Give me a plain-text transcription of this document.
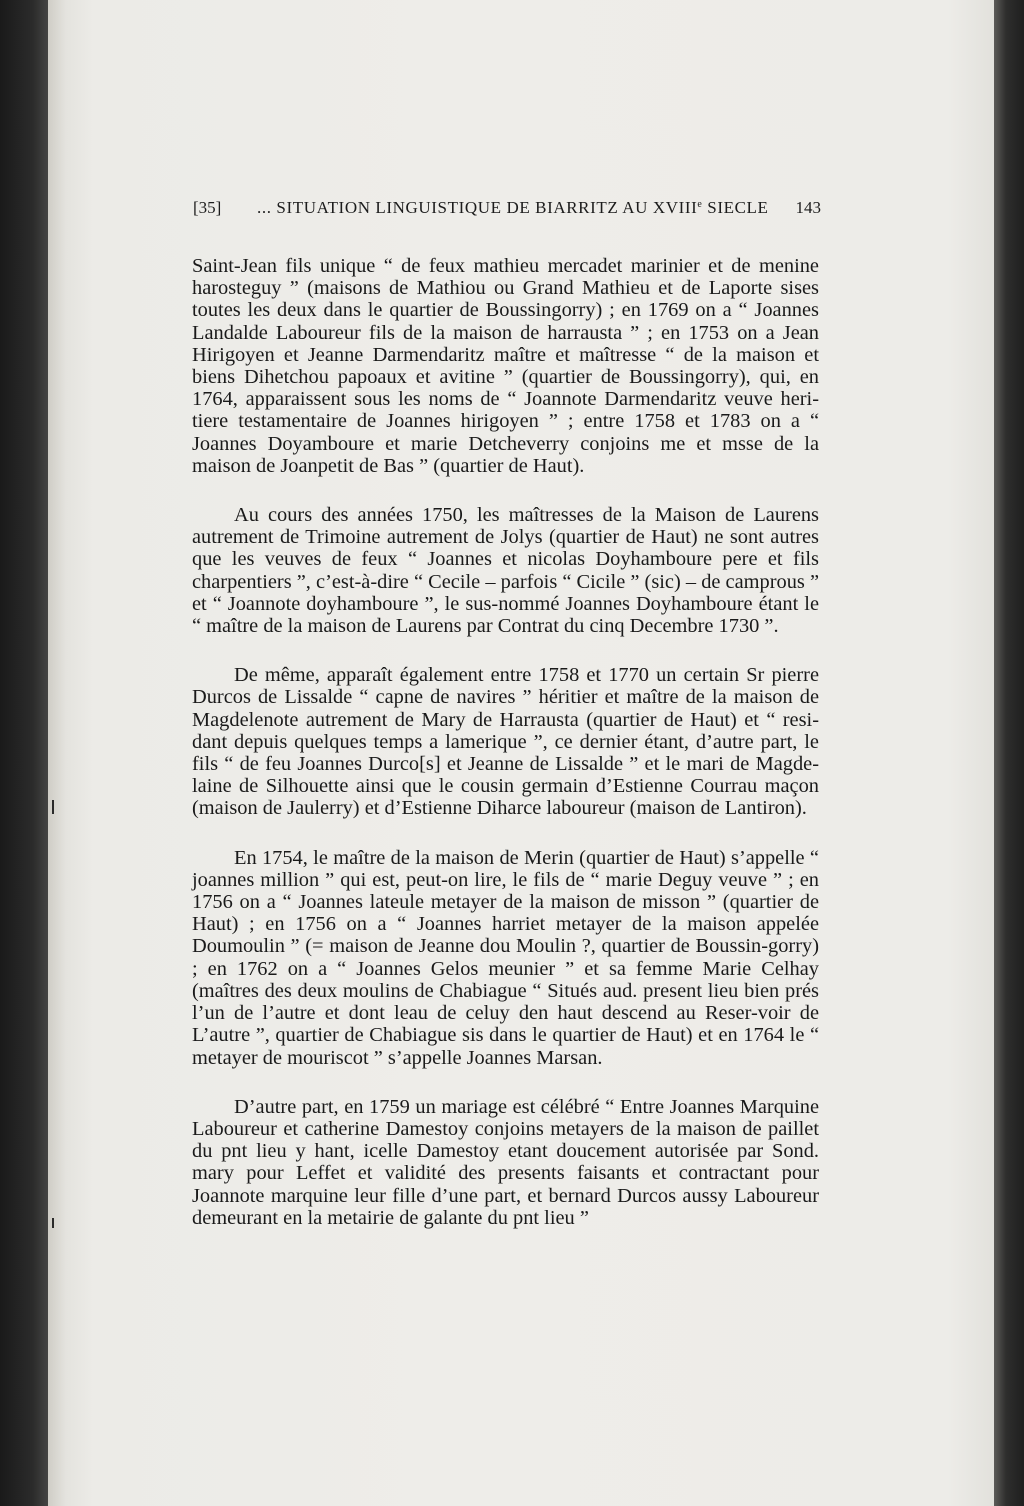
[35] ... SITUATION LINGUISTIQUE DE BIARRITZ AU XVIIIe SIECLE 143

Saint-Jean fils unique “ de feux mathieu mercadet marinier et de menine harosteguy ” (maisons de Mathiou ou Grand Mathieu et de Laporte sises toutes les deux dans le quartier de Boussingorry) ; en 1769 on a “ Joannes Landalde Laboureur fils de la maison de harrausta ” ; en 1753 on a Jean Hirigoyen et Jeanne Darmendaritz maître et maîtresse “ de la maison et biens Dihetchou papoaux et avitine ” (quartier de Boussingorry), qui, en 1764, apparaissent sous les noms de “ Joannote Darmendaritz veuve heri-tiere testamentaire de Joannes hirigoyen ” ; entre 1758 et 1783 on a “ Joannes Doyamboure et marie Detcheverry conjoins me et msse de la maison de Joanpetit de Bas ” (quartier de Haut).

Au cours des années 1750, les maîtresses de la Maison de Laurens autrement de Trimoine autrement de Jolys (quartier de Haut) ne sont autres que les veuves de feux “ Joannes et nicolas Doyhamboure pere et fils charpentiers ”, c’est-à-dire “ Cecile – parfois “ Cicile ” (sic) – de camprous ” et “ Joannote doyhamboure ”, le sus-nommé Joannes Doyhamboure étant le “ maître de la maison de Laurens par Contrat du cinq Decembre 1730 ”.

De même, apparaît également entre 1758 et 1770 un certain Sr pierre Durcos de Lissalde “ capne de navires ” héritier et maître de la maison de Magdelenote autrement de Mary de Harrausta (quartier de Haut) et “ resi-dant depuis quelques temps a lamerique ”, ce dernier étant, d’autre part, le fils “ de feu Joannes Durco[s] et Jeanne de Lissalde ” et le mari de Magde-laine de Silhouette ainsi que le cousin germain d’Estienne Courrau maçon (maison de Jaulerry) et d’Estienne Diharce laboureur (maison de Lantiron).

En 1754, le maître de la maison de Merin (quartier de Haut) s’appelle “ joannes million ” qui est, peut-on lire, le fils de “ marie Deguy veuve ” ; en 1756 on a “ Joannes lateule metayer de la maison de misson ” (quartier de Haut) ; en 1756 on a “ Joannes harriet metayer de la maison appelée Doumoulin ” (= maison de Jeanne dou Moulin ?, quartier de Boussin-gorry) ; en 1762 on a “ Joannes Gelos meunier ” et sa femme Marie Celhay (maîtres des deux moulins de Chabiague “ Situés aud. present lieu bien prés l’un de l’autre et dont leau de celuy den haut descend au Reser-voir de L’autre ”, quartier de Chabiague sis dans le quartier de Haut) et en 1764 le “ metayer de mouriscot ” s’appelle Joannes Marsan.

D’autre part, en 1759 un mariage est célébré “ Entre Joannes Marquine Laboureur et catherine Damestoy conjoins metayers de la maison de paillet du pnt lieu y hant, icelle Damestoy etant doucement autorisée par Sond. mary pour Leffet et validité des presents faisants et contractant pour Joannote marquine leur fille d’une part, et bernard Durcos aussy Laboureur demeurant en la metairie de galante du pnt lieu ”
